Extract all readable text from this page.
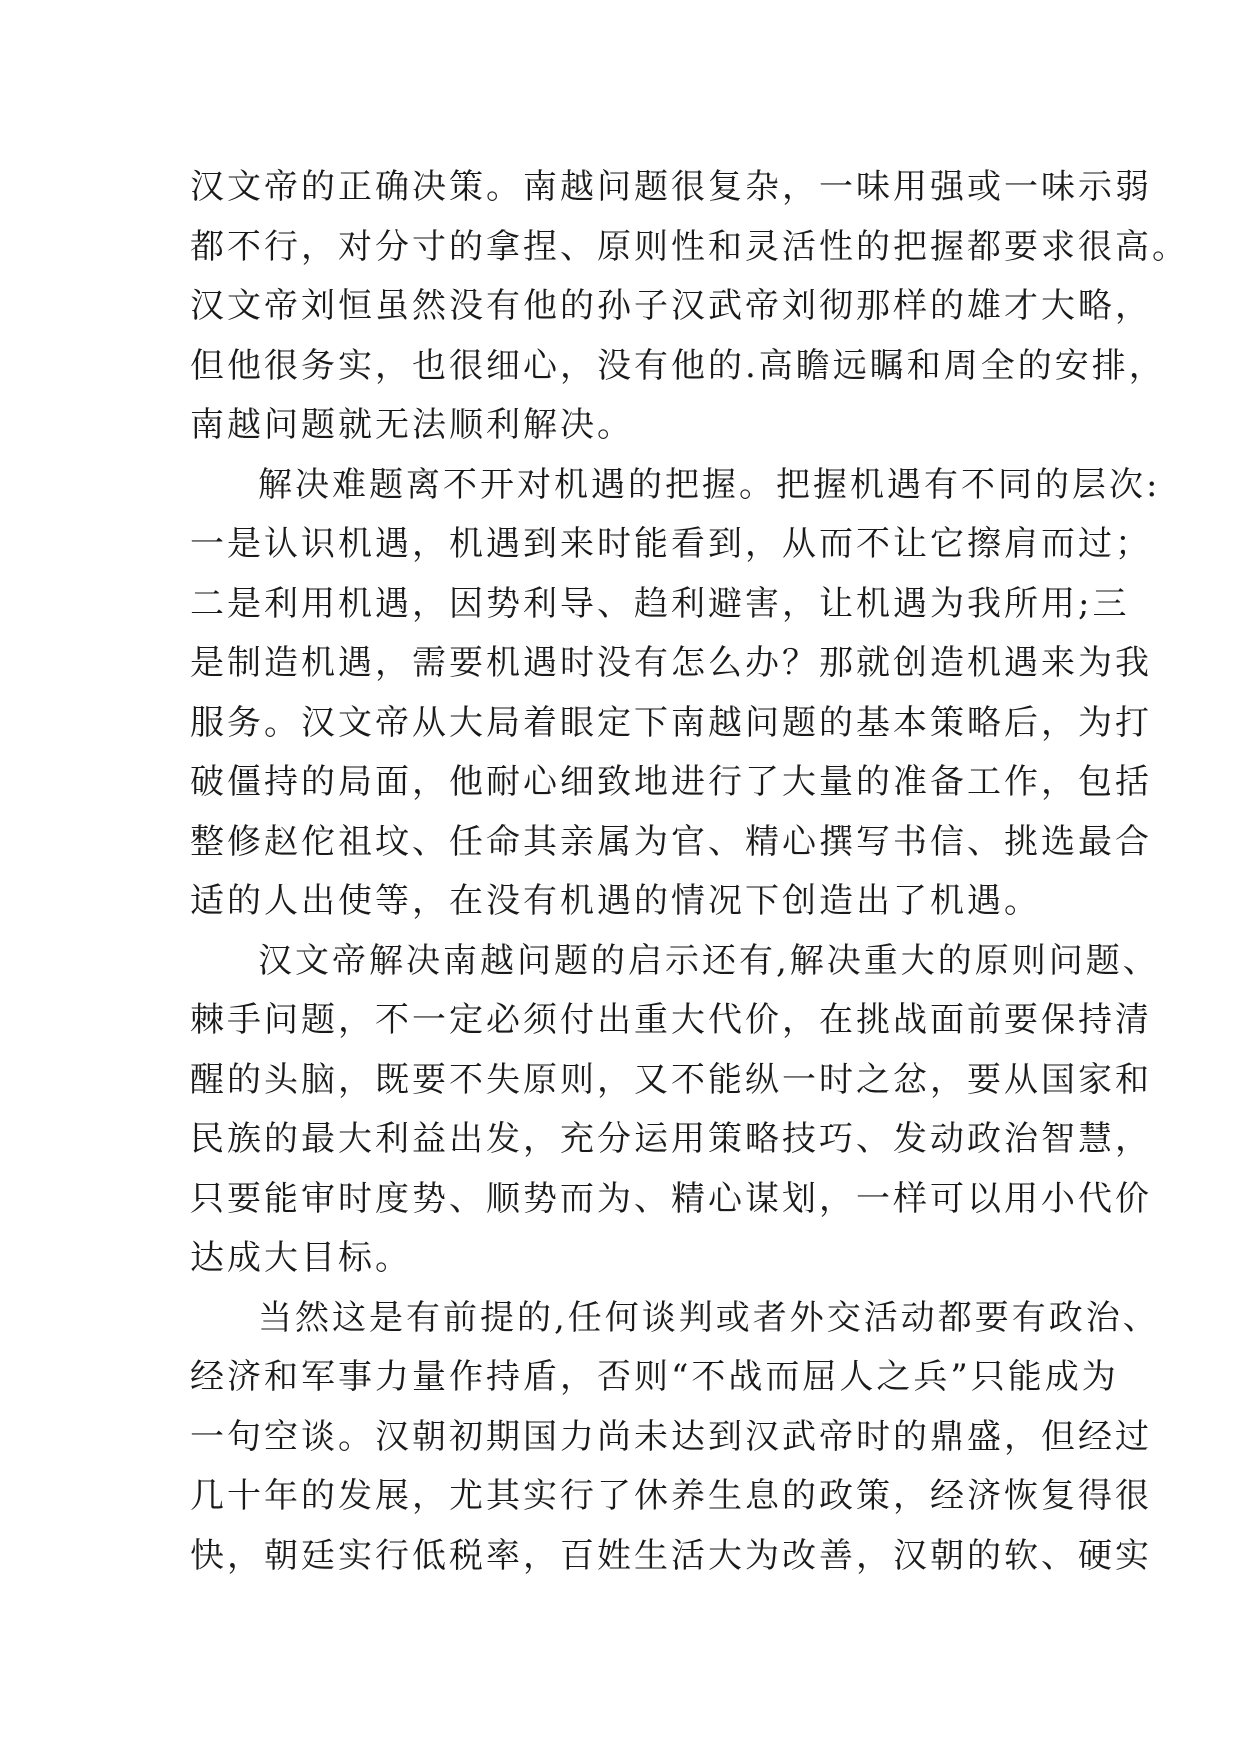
汉文帝的正确决策。南越问题很复杂，一味用强或一味示弱
都不行，对分寸的拿捏、原则性和灵活性的把握都要求很高。
汉文帝刘恒虽然没有他的孙子汉武帝刘彻那样的雄才大略，
但他很务实，也很细心，没有他的.高瞻远瞩和周全的安排，
南越问题就无法顺利解决。
解决难题离不开对机遇的把握。把握机遇有不同的层次:
一是认识机遇，机遇到来时能看到，从而不让它擦肩而过；
二是利用机遇，因势利导、趋利避害，让机遇为我所用;三
是制造机遇，需要机遇时没有怎么办？那就创造机遇来为我
服务。汉文帝从大局着眼定下南越问题的基本策略后，为打
破僵持的局面，他耐心细致地进行了大量的准备工作，包括
整修赵佗祖坟、任命其亲属为官、精心撰写书信、挑选最合
适的人出使等，在没有机遇的情况下创造出了机遇。
汉文帝解决南越问题的启示还有,解决重大的原则问题、
棘手问题，不一定必须付出重大代价，在挑战面前要保持清
醒的头脑，既要不失原则，又不能纵一时之忿，要从国家和
民族的最大利益出发，充分运用策略技巧、发动政治智慧，
只要能审时度势、顺势而为、精心谋划，一样可以用小代价
达成大目标。
当然这是有前提的,任何谈判或者外交活动都要有政治、
经济和军事力量作持盾，否则“不战而屈人之兵”只能成为
一句空谈。汉朝初期国力尚未达到汉武帝时的鼎盛，但经过
几十年的发展，尤其实行了休养生息的政策，经济恢复得很
快，朝廷实行低税率，百姓生活大为改善，汉朝的软、硬实
